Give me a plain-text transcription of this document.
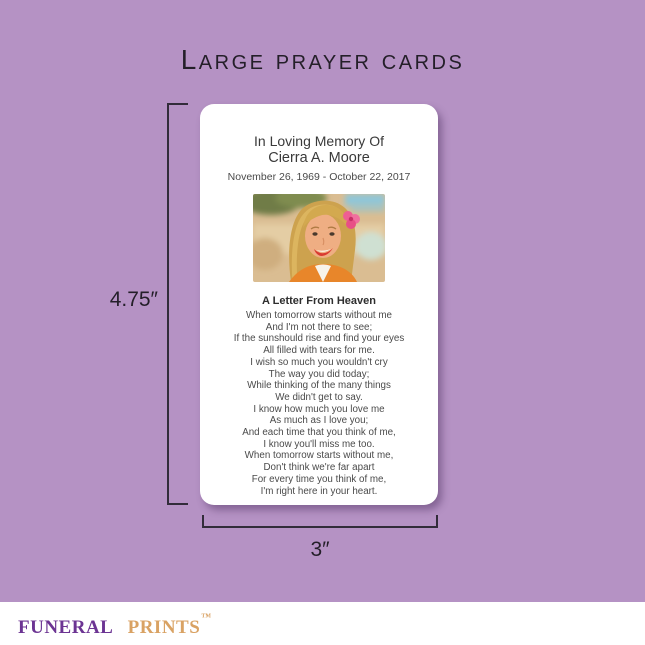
Large prayer cards
4.75″
3″
In Loving Memory Of
Cierra A. Moore
November 26, 1969 - October 22, 2017
A Letter From Heaven
When tomorrow starts without me
And I'm not there to see;
If the sunshould rise and find your eyes
All filled with tears for me.
I wish so much you wouldn't cry
The way you did today;
While thinking of the many things
We didn't get to say.
I know how much you love me
As much as I love you;
And each time that you think of me,
I know you'll miss me too.
When tomorrow starts without me,
Don't think we're far apart
For every time you think of me,
I'm right here in your heart.
funeral prints™
